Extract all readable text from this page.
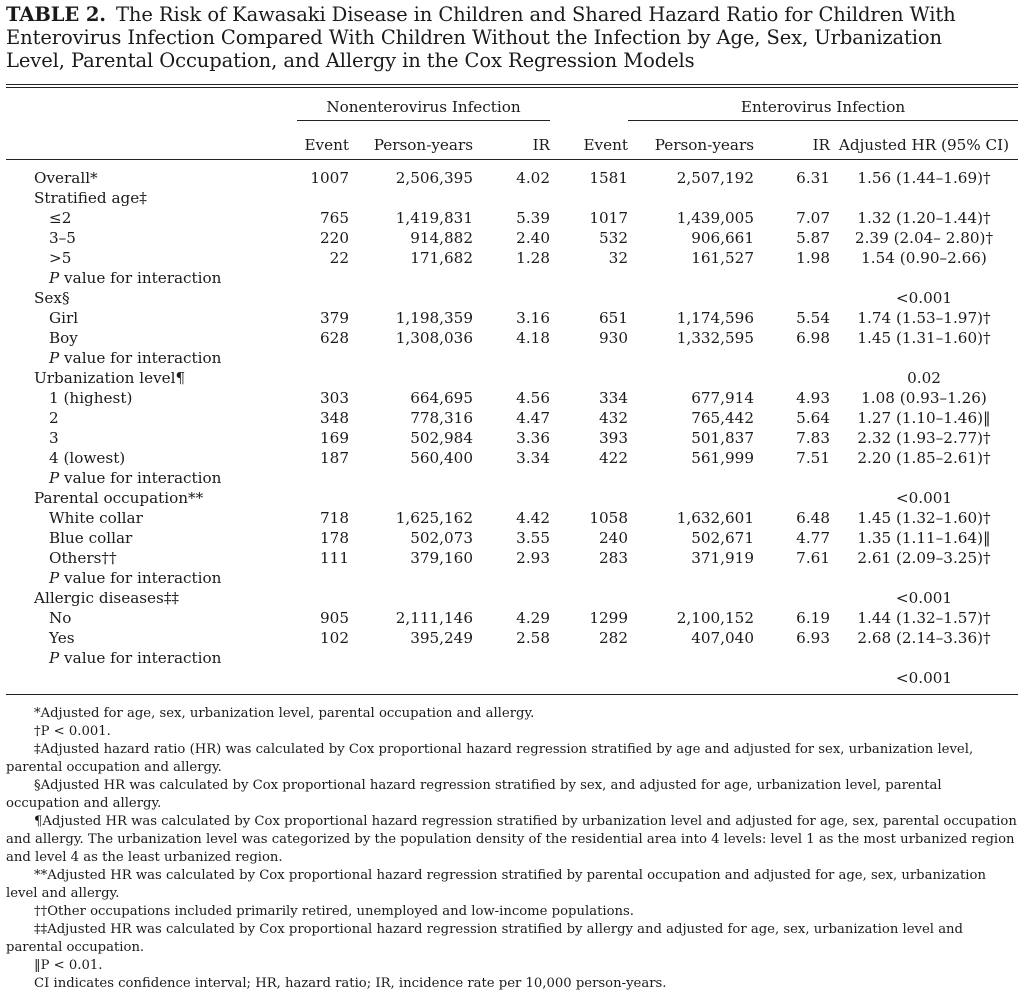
TABLE 2. The Risk of Kawasaki Disease in Children and Shared Hazard Ratio for Children With
Enterovirus Infection Compared With Children Without the Infection by Age, Sex, Urbanization
Level, Parental Occupation, and Allergy in the Cox Regression Models
	Nonenterovirus Infection				Enterovirus Infection			
	Event	Person-years	IR	Event	Person-years	IR	Adjusted HR (95% CI)	

Overall*	1007	2,506,395	4.02	1581	2,507,192	6.31	1.56 (1.44–1.69)†	
Stratified age‡								
≤2	765	1,419,831	5.39	1017	1,439,005	7.07	1.32 (1.20–1.44)†	
3–5	220	914,882	2.40	532	906,661	5.87	2.39 (2.04– 2.80)†	
>5	22	171,682	1.28	32	161,527	1.98	1.54 (0.90–2.66)	
P value for interaction								
Sex§							<0.001	
Girl	379	1,198,359	3.16	651	1,174,596	5.54	1.74 (1.53–1.97)†	
Boy	628	1,308,036	4.18	930	1,332,595	6.98	1.45 (1.31–1.60)†	
P value for interaction								
Urbanization level¶							0.02	
1 (highest)	303	664,695	4.56	334	677,914	4.93	1.08 (0.93–1.26)	
2	348	778,316	4.47	432	765,442	5.64	1.27 (1.10–1.46)‖	
3	169	502,984	3.36	393	501,837	7.83	2.32 (1.93–2.77)†	
4 (lowest)	187	560,400	3.34	422	561,999	7.51	2.20 (1.85–2.61)†	
P value for interaction								
Parental occupation**							<0.001	
White collar	718	1,625,162	4.42	1058	1,632,601	6.48	1.45 (1.32–1.60)†	
Blue collar	178	502,073	3.55	240	502,671	4.77	1.35 (1.11–1.64)‖	
Others††	111	379,160	2.93	283	371,919	7.61	2.61 (2.09–3.25)†	
P value for interaction								
Allergic diseases‡‡							<0.001	
No	905	2,111,146	4.29	1299	2,100,152	6.19	1.44 (1.32–1.57)†	
Yes	102	395,249	2.58	282	407,040	6.93	2.68 (2.14–3.36)†	
P value for interaction								
							<0.001	

*Adjusted for age, sex, urbanization level, parental occupation and allergy.

†P < 0.001.

‡Adjusted hazard ratio (HR) was calculated by Cox proportional hazard regression stratified by age and adjusted for sex, urbanization level, parental occupation and allergy.

§Adjusted HR was calculated by Cox proportional hazard regression stratified by sex, and adjusted for age, urbanization level, parental occupation and allergy.

¶Adjusted HR was calculated by Cox proportional hazard regression stratified by urbanization level and adjusted for age, sex, parental occupation and allergy. The urbanization level was categorized by the population density of the residential area into 4 levels: level 1 as the most urbanized region and level 4 as the least urbanized region.

**Adjusted HR was calculated by Cox proportional hazard regression stratified by parental occupation and adjusted for age, sex, urbanization level and allergy.

††Other occupations included primarily retired, unemployed and low-income populations.

‡‡Adjusted HR was calculated by Cox proportional hazard regression stratified by allergy and adjusted for age, sex, urbanization level and parental occupation.

‖P < 0.01.

CI indicates confidence interval; HR, hazard ratio; IR, incidence rate per 10,000 person-years.
